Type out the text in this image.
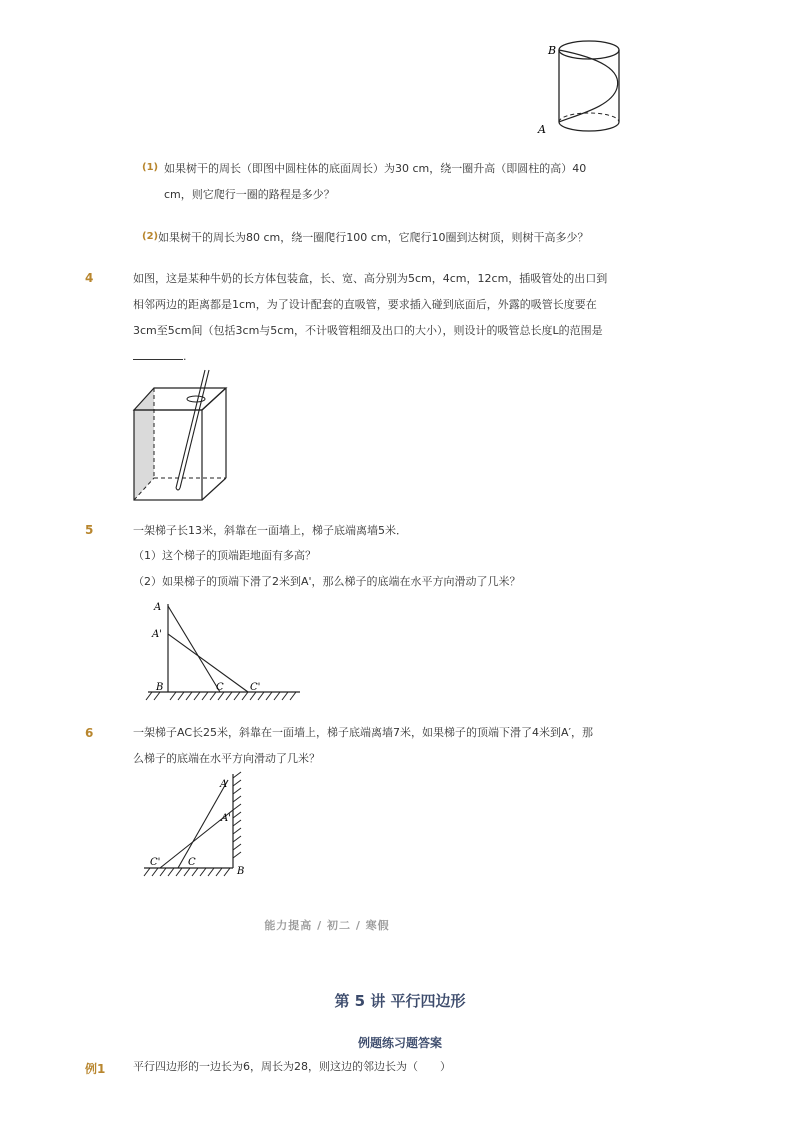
B
A
(1) 如果树干的周长（即图中圆柱体的底面周长）为30 cm，绕一圈升高（即圆柱的高）40
cm，则它爬行一圈的路程是多少？
(2) 如果树干的周长为80 cm，绕一圈爬行100 cm，它爬行10圈到达树顶，则树干高多少？
4	如图，这是某种牛奶的长方体包装盒，长、宽、高分别为5cm，4cm，12cm，插吸管处的出口到
相邻两边的距离都是1cm，为了设计配套的直吸管，要求插入碰到底面后，外露的吸管长度要在
3cm至5cm间（包括3cm与5cm，不计吸管粗细及出口的大小），则设计的吸管总长度L的范围是
.
5	一架梯子长13米，斜靠在一面墙上，梯子底端离墙5米．
（1）这个梯子的顶端距地面有多高？
（2）如果梯子的顶端下滑了2米到A'，那么梯子的底端在水平方向滑动了几米？
A
A'
B	C	C'
6	一架梯子AC长25米，斜靠在一面墙上，梯子底端离墙7米，如果梯子的顶端下滑了4米到A′，那
么梯子的底端在水平方向滑动了几米？
A
A'
B
C
C'
能力提高 / 初二 / 寒假
第 5 讲 平行四边形
例题练习题答案
例1	平行四边形的一边长为6，周长为28，则这边的邻边长为（　　）
